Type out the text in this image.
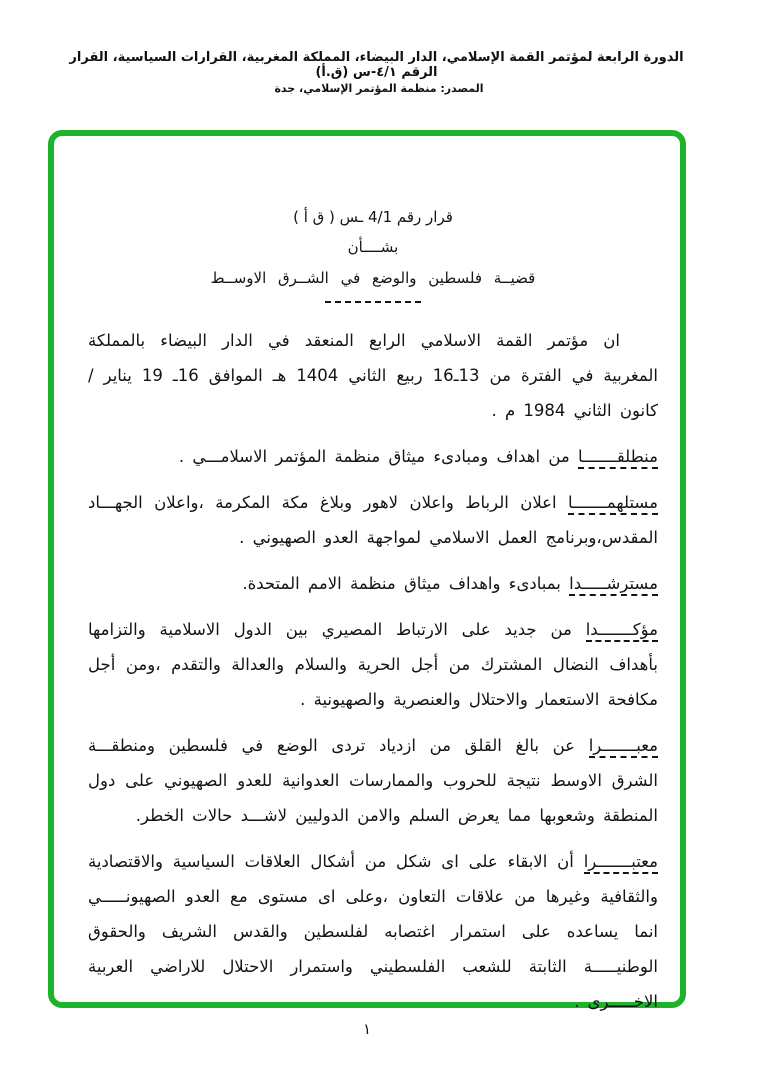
الدورة الرابعة لمؤتمر القمة الإسلامي، الدار البيضاء، المملكة المغربية، القرارات السياسية، القرار الرقم ٤/١-س (ق.أ)
المصدر: منظمة المؤتمر الإسلامي، جدة
قرار رقم 4/1 ـس ( ق أ )
بشــــأن
قضيــة فلسطين والوضع في الشــرق الاوســط

ان مؤتمر القمة الاسلامي الرابع المنعقد في الدار البيضاء بالمملكة المغربية في الفترة من 13ـ16 ربيع الثاني 1404 هـ الموافق 16ـ 19 يناير / كانون الثاني 1984 م .

منطلقـــــــا من اهداف ومبادىء ميثاق منظمة المؤتمر الاسلامـــي .

مستلهمـــــــا اعلان الرباط واعلان لاهور وبلاغ مكة المكرمة ،واعلان الجهـــاد المقدس،وبرنامج العمل الاسلامي لمواجهة العدو الصهيوني .

مسترشـــــدا بمبادىء واهداف ميثاق منظمة الامم المتحدة.

مؤكـــــــدا من جديد على الارتباط المصيري بين الدول الاسلامية والتزامها بأهداف النضال المشترك من أجل الحرية والسلام والعدالة والتقدم ،ومن أجل مكافحة الاستعمار والاحتلال والعنصرية والصهيونية .

معبـــــــرا عن بالغ القلق من ازدياد تردى الوضع في فلسطين ومنطقـــة الشرق الاوسط نتيجة للحروب والممارسات العدوانية للعدو الصهيوني على دول المنطقة وشعوبها مما يعرض السلم والامن الدوليين لاشـــد حالات الخطر.

معتبـــــــرا أن الابقاء على اى شكل من أشكال العلاقات السياسية والاقتصادية والثقافية وغيرها من علاقات التعاون ،وعلى اى مستوى مع العدو الصهيونـــــي انما يساعده على استمرار اغتصابه لفلسطين والقدس الشريف والحقوق الوطنيـــــة الثابتة للشعب الفلسطيني واستمرار الاحتلال للاراضي العربية الاخـــــرى .

١
